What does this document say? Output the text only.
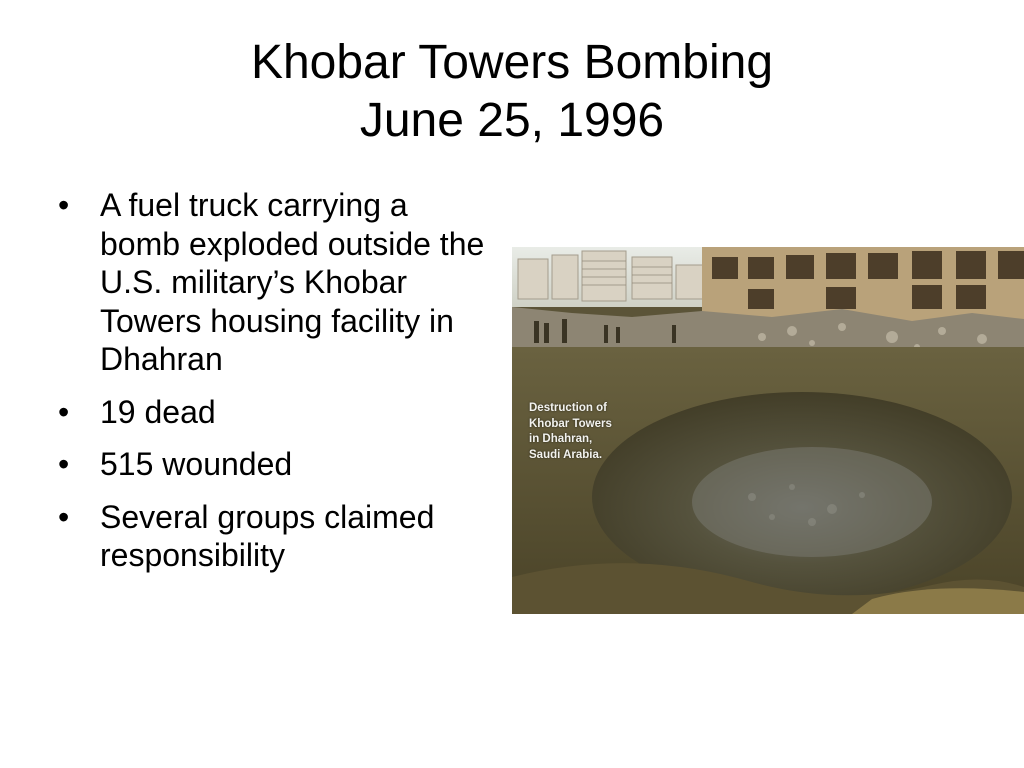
Khobar Towers Bombing
June 25, 1996
• A fuel truck carrying a bomb exploded outside the U.S. military’s Khobar Towers housing facility in Dhahran
• 19 dead
• 515 wounded
• Several groups claimed responsibility
Destruction of
Khobar Towers
in Dhahran,
Saudi Arabia.
